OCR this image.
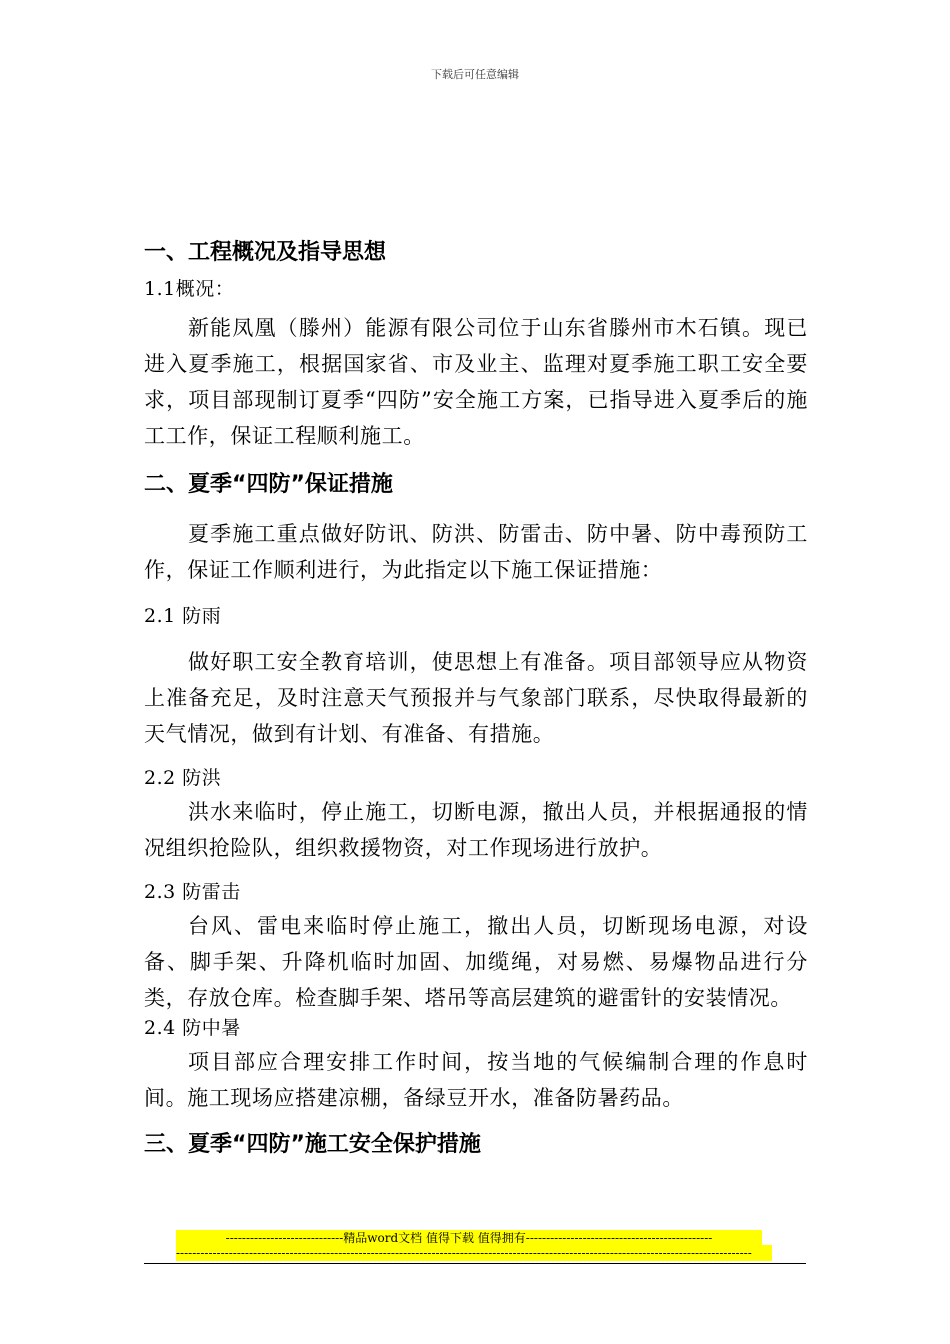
下载后可任意编辑
一、工程概况及指导思想

1.1概况：

新能凤凰（滕州）能源有限公司位于山东省滕州市木石镇。现已进入夏季施工，根据国家省、市及业主、监理对夏季施工职工安全要求，项目部现制订夏季“四防”安全施工方案，已指导进入夏季后的施工工作，保证工程顺利施工。

二、夏季“四防”保证措施

夏季施工重点做好防讯、防洪、防雷击、防中暑、防中毒预防工作，保证工作顺利进行，为此指定以下施工保证措施：

2.1 防雨

做好职工安全教育培训，使思想上有准备。项目部领导应从物资上准备充足，及时注意天气预报并与气象部门联系，尽快取得最新的天气情况，做到有计划、有准备、有措施。

2.2 防洪

洪水来临时，停止施工，切断电源，撤出人员，并根据通报的情况组织抢险队，组织救援物资，对工作现场进行放护。

2.3 防雷击

台风、雷电来临时停止施工，撤出人员，切断现场电源，对设备、脚手架、升降机临时加固、加缆绳，对易燃、易爆物品进行分类，存放仓库。检查脚手架、塔吊等高层建筑的避雷针的安装情况。

2.4 防中暑

项目部应合理安排工作时间，按当地的气候编制合理的作息时间。施工现场应搭建凉棚，备绿豆开水，准备防暑药品。

三、夏季“四防”施工安全保护措施
-----------------------------精品word文档 值得下载 值得拥有----------------------------------------------
----------------------------------------------------------------------------------------------------------------------------------------------
